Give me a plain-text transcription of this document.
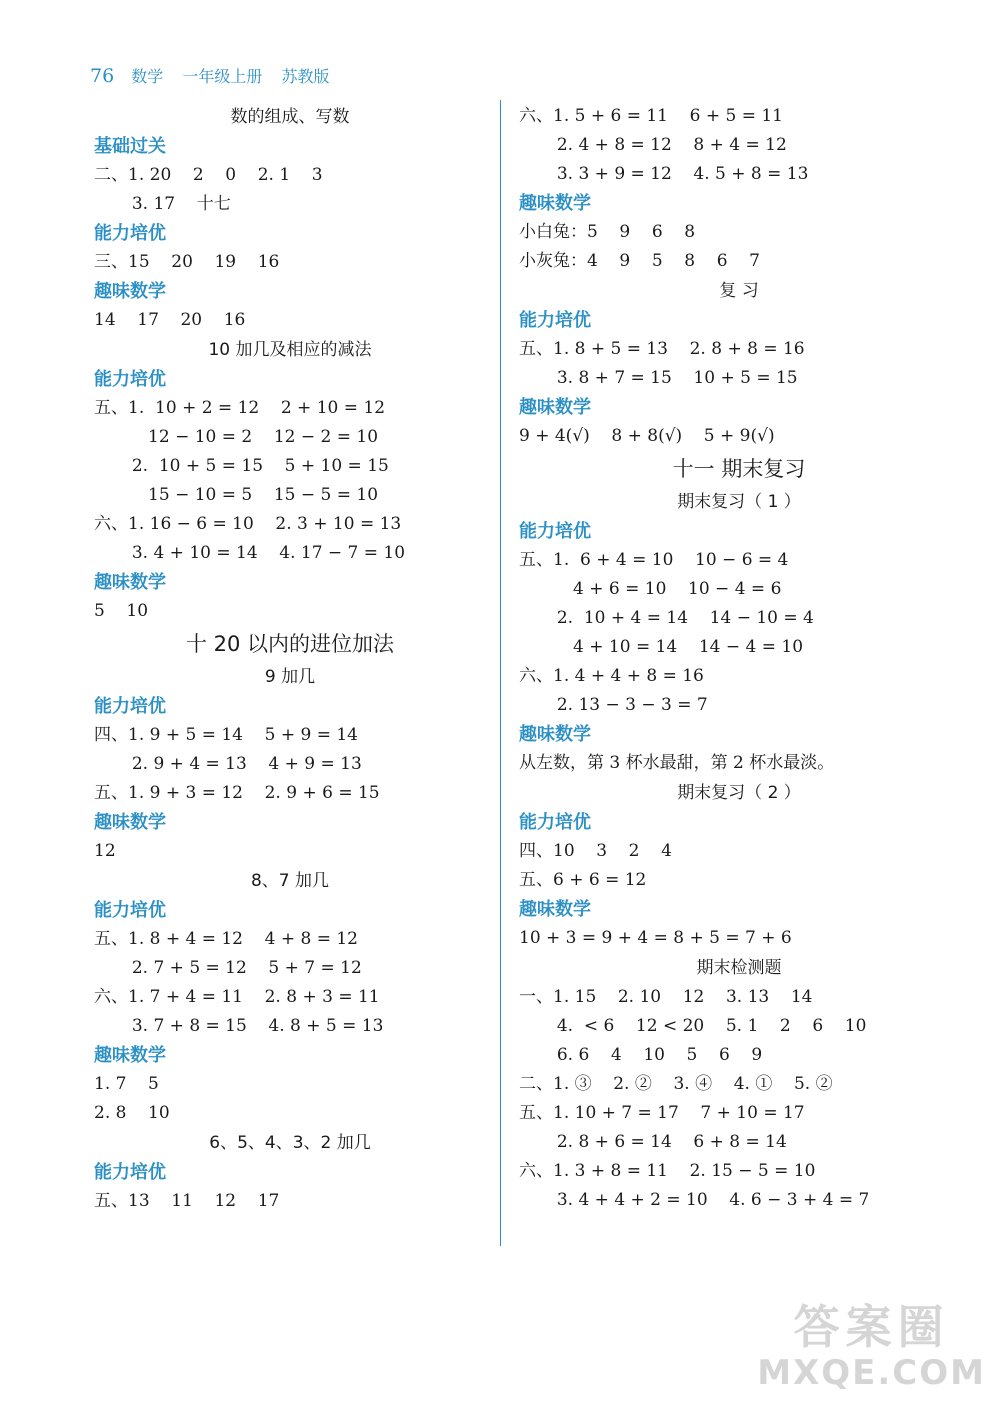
76 数学 一年级上册 苏教版
数的组成、写数
基础过关
二、1. 20    2    0    2. 1    3
3. 17    十七
能力培优
三、15    20    19    16
趣味数学
14    17    20    16
10 加几及相应的减法
能力培优
五、1.  10 + 2 = 12    2 + 10 = 12
12 − 10 = 2    12 − 2 = 10
2.  10 + 5 = 15    5 + 10 = 15
15 − 10 = 5    15 − 5 = 10
六、1. 16 − 6 = 10    2. 3 + 10 = 13
3. 4 + 10 = 14    4. 17 − 7 = 10
趣味数学
5    10
十 20 以内的进位加法
9 加几
能力培优
四、1. 9 + 5 = 14    5 + 9 = 14
2. 9 + 4 = 13    4 + 9 = 13
五、1. 9 + 3 = 12    2. 9 + 6 = 15
趣味数学
12
8、7 加几
能力培优
五、1. 8 + 4 = 12    4 + 8 = 12
2. 7 + 5 = 12    5 + 7 = 12
六、1. 7 + 4 = 11    2. 8 + 3 = 11
3. 7 + 8 = 15    4. 8 + 5 = 13
趣味数学
1. 7    5
2. 8    10
6、5、4、3、2 加几
能力培优
五、13    11    12    17
六、1. 5 + 6 = 11    6 + 5 = 11
2. 4 + 8 = 12    8 + 4 = 12
3. 3 + 9 = 12    4. 5 + 8 = 13
趣味数学
小白兔：5    9    6    8
小灰兔：4    9    5    8    6    7
复 习
能力培优
五、1. 8 + 5 = 13    2. 8 + 8 = 16
3. 8 + 7 = 15    10 + 5 = 15
趣味数学
9 + 4(√)    8 + 8(√)    5 + 9(√)
十一 期末复习
期末复习（ 1 ）
能力培优
五、1.  6 + 4 = 10    10 − 6 = 4
4 + 6 = 10    10 − 4 = 6
2.  10 + 4 = 14    14 − 10 = 4
4 + 10 = 14    14 − 4 = 10
六、1. 4 + 4 + 8 = 16
2. 13 − 3 − 3 = 7
趣味数学
从左数，第 3 杯水最甜，第 2 杯水最淡。
期末复习（ 2 ）
能力培优
四、10    3    2    4
五、6 + 6 = 12
趣味数学
10 + 3 = 9 + 4 = 8 + 5 = 7 + 6
期末检测题
一、1. 15    2. 10    12    3. 13    14
4.  < 6    12 < 20    5. 1    2    6    10
6. 6    4    10    5    6    9
二、1. ③    2. ②    3. ④    4. ①    5. ②
五、1. 10 + 7 = 17    7 + 10 = 17
2. 8 + 6 = 14    6 + 8 = 14
六、1. 3 + 8 = 11    2. 15 − 5 = 10
3. 4 + 4 + 2 = 10    4. 6 − 3 + 4 = 7
答案圈
MXQE.COM
